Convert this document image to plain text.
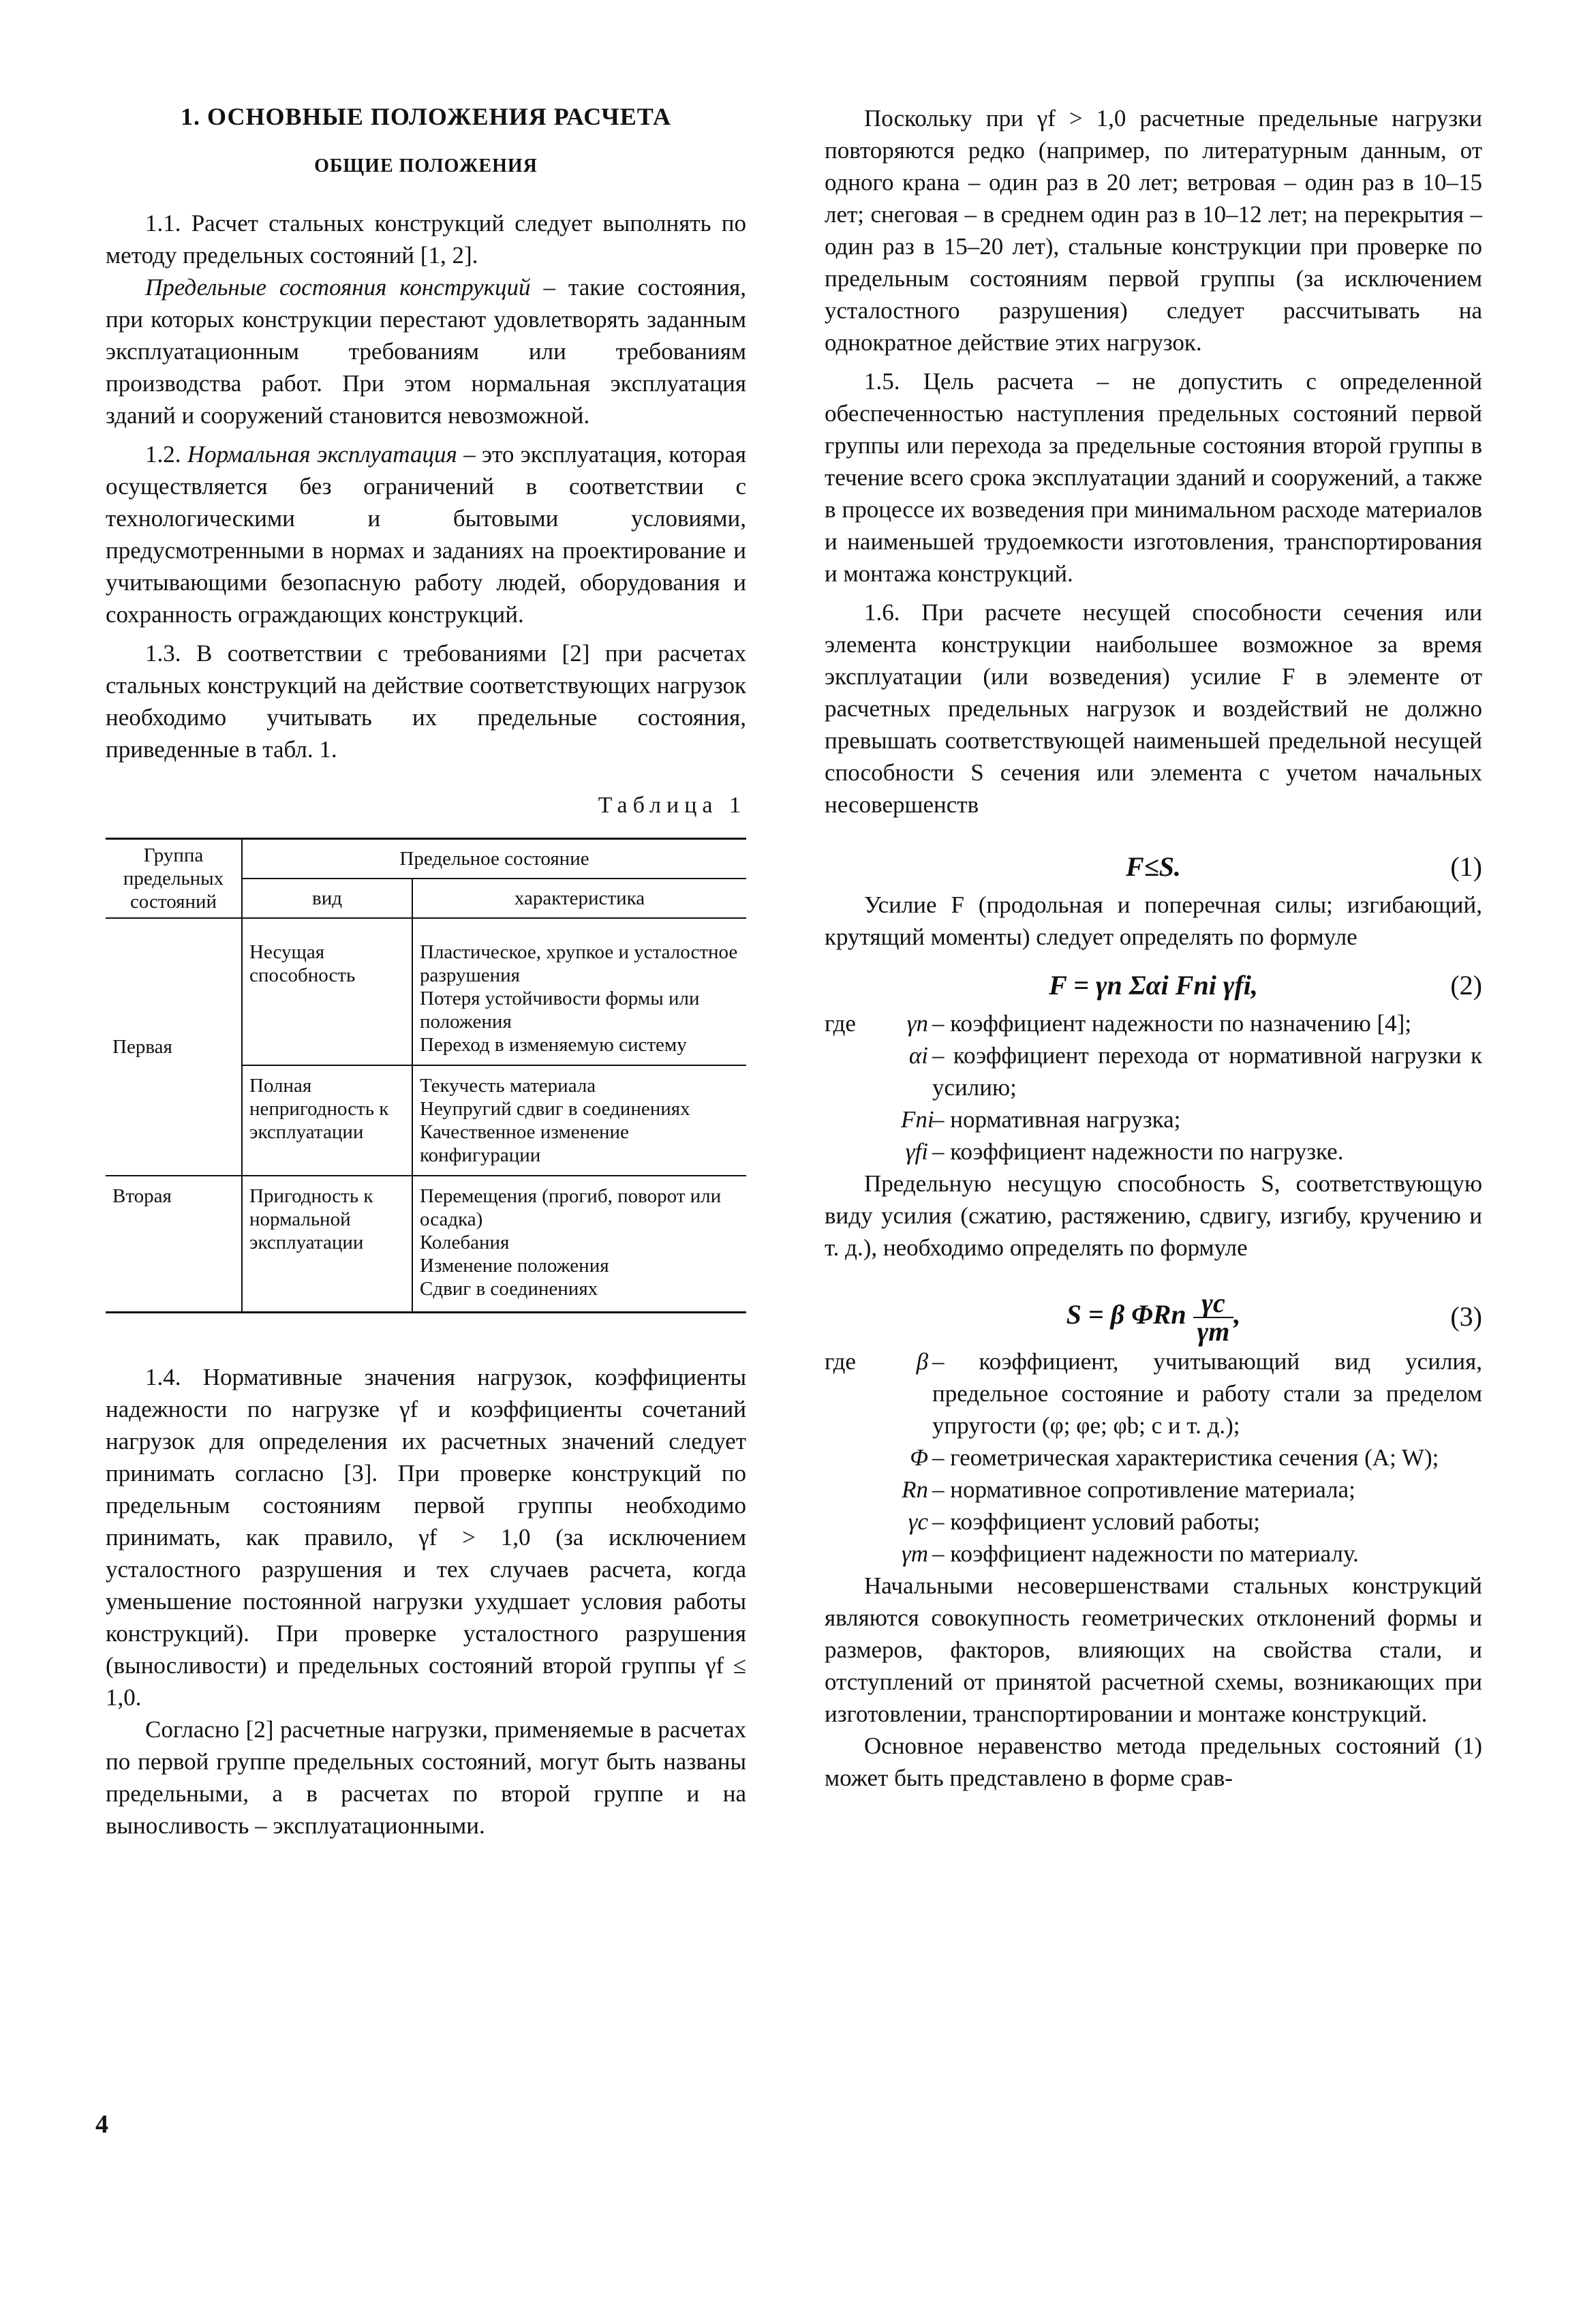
1. ОСНОВНЫЕ ПОЛОЖЕНИЯ РАСЧЕТА
ОБЩИЕ ПОЛОЖЕНИЯ

1.1. Расчет стальных конструкций следует выполнять по методу предельных состояний [1, 2].

Предельные состояния конструкций – такие состояния, при которых конструкции перестают удовлетворять заданным эксплуатационным требованиям или требованиям производства работ. При этом нормальная эксплуатация зданий и сооружений становится невозможной.

1.2. Нормальная эксплуатация – это эксплуатация, которая осуществляется без ограничений в соответствии с технологическими и бытовыми условиями, предусмотренными в нормах и заданиях на проектирование и учитывающими безопасную работу людей, оборудования и сохранность ограждающих конструкций.

1.3. В соответствии с требованиями [2] при расчетах стальных конструкций на действие соответствующих нагрузок необходимо учитывать их предельные состояния, приведенные в табл. 1.

Таблица 1
Группа предельных состояний	Предельное состояние	
	вид	характеристика
Первая	Несущая способность	Пластическое, хрупкое и усталостное разрушения
Потеря устойчивости формы или положения
Переход в изменяемую систему
	Полная непригодность к эксплуатации	Текучесть материала
Неупругий сдвиг в соединениях
Качественное изменение конфигурации
Вторая	Пригодность к нормальной эксплуатации	Перемещения (прогиб, поворот или осадка)
Колебания
Изменение положения
Сдвиг в соединениях

1.4. Нормативные значения нагрузок, коэффициенты надежности по нагрузке γf и коэффициенты сочетаний нагрузок для определения их расчетных значений следует принимать согласно [3]. При проверке конструкций по предельным состояниям первой группы необходимо принимать, как правило, γf > 1,0 (за исключением усталостного разрушения и тех случаев расчета, когда уменьшение постоянной нагрузки ухудшает условия работы конструкций). При проверке усталостного разрушения (выносливости) и предельных состояний второй группы γf ≤ 1,0.

Согласно [2] расчетные нагрузки, применяемые в расчетах по первой группе предельных состояний, могут быть названы предельными, а в расчетах по второй группе и на выносливость – эксплуатационными.

Поскольку при γf > 1,0 расчетные предельные нагрузки повторяются редко (например, по литературным данным, от одного крана – один раз в 20 лет; ветровая – один раз в 10–15 лет; снеговая – в среднем один раз в 10–12 лет; на перекрытия – один раз в 15–20 лет), стальные конструкции при проверке по предельным состояниям первой группы (за исключением усталостного разрушения) следует рассчитывать на однократное действие этих нагрузок.

1.5. Цель расчета – не допустить с определенной обеспеченностью наступления предельных состояний первой группы или перехода за предельные состояния второй группы в течение всего срока эксплуатации зданий и сооружений, а также в процессе их возведения при минимальном расходе материалов и наименьшей трудоемкости изготовления, транспортирования и монтажа конструкций.

1.6. При расчете несущей способности сечения или элемента конструкции наибольшее возможное за время эксплуатации (или возведения) усилие F в элементе от расчетных предельных нагрузок и воздействий не должно превышать соответствующей наименьшей предельной несущей способности S сечения или элемента с учетом начальных несовершенств

F≤S.	(1)

Усилие F (продольная и поперечная силы; изгибающий, крутящий моменты) следует определять по формуле

F = γn Σαi Fni γfi,	(2)
где	γn – коэффициент надежности по назначению [4];
αi – коэффициент перехода от нормативной нагрузки к усилию;
Fni
– нормативная нагрузка;
γfi – коэффициент надежности по нагрузке.

Предельную несущую способность S, соответствующую виду усилия (сжатию, растяжению, сдвигу, изгибу, кручению и т. д.), необходимо определять по формуле

S = β ΦRn $\frac{\gamma c}{\gamma m}$ ,	(3)
где	β – коэффициент, учитывающий вид усилия, предельное состояние и работу стали за пределом упругости (φ; φe; φb; c и т. д.);
Φ – геометрическая характеристика сечения (A; W);
Rn – нормативное сопротивление материала;
γc – коэффициент условий работы;
γm – коэффициент надежности по материалу.

Начальными несовершенствами стальных конструкций являются совокупность геометрических отклонений формы и размеров, факторов, влияющих на свойства стали, и отступлений от принятой расчетной схемы, возникающих при изготовлении, транспортировании и монтаже конструкций.

Основное неравенство метода предельных состояний (1) может быть представлено в форме срав-

4
